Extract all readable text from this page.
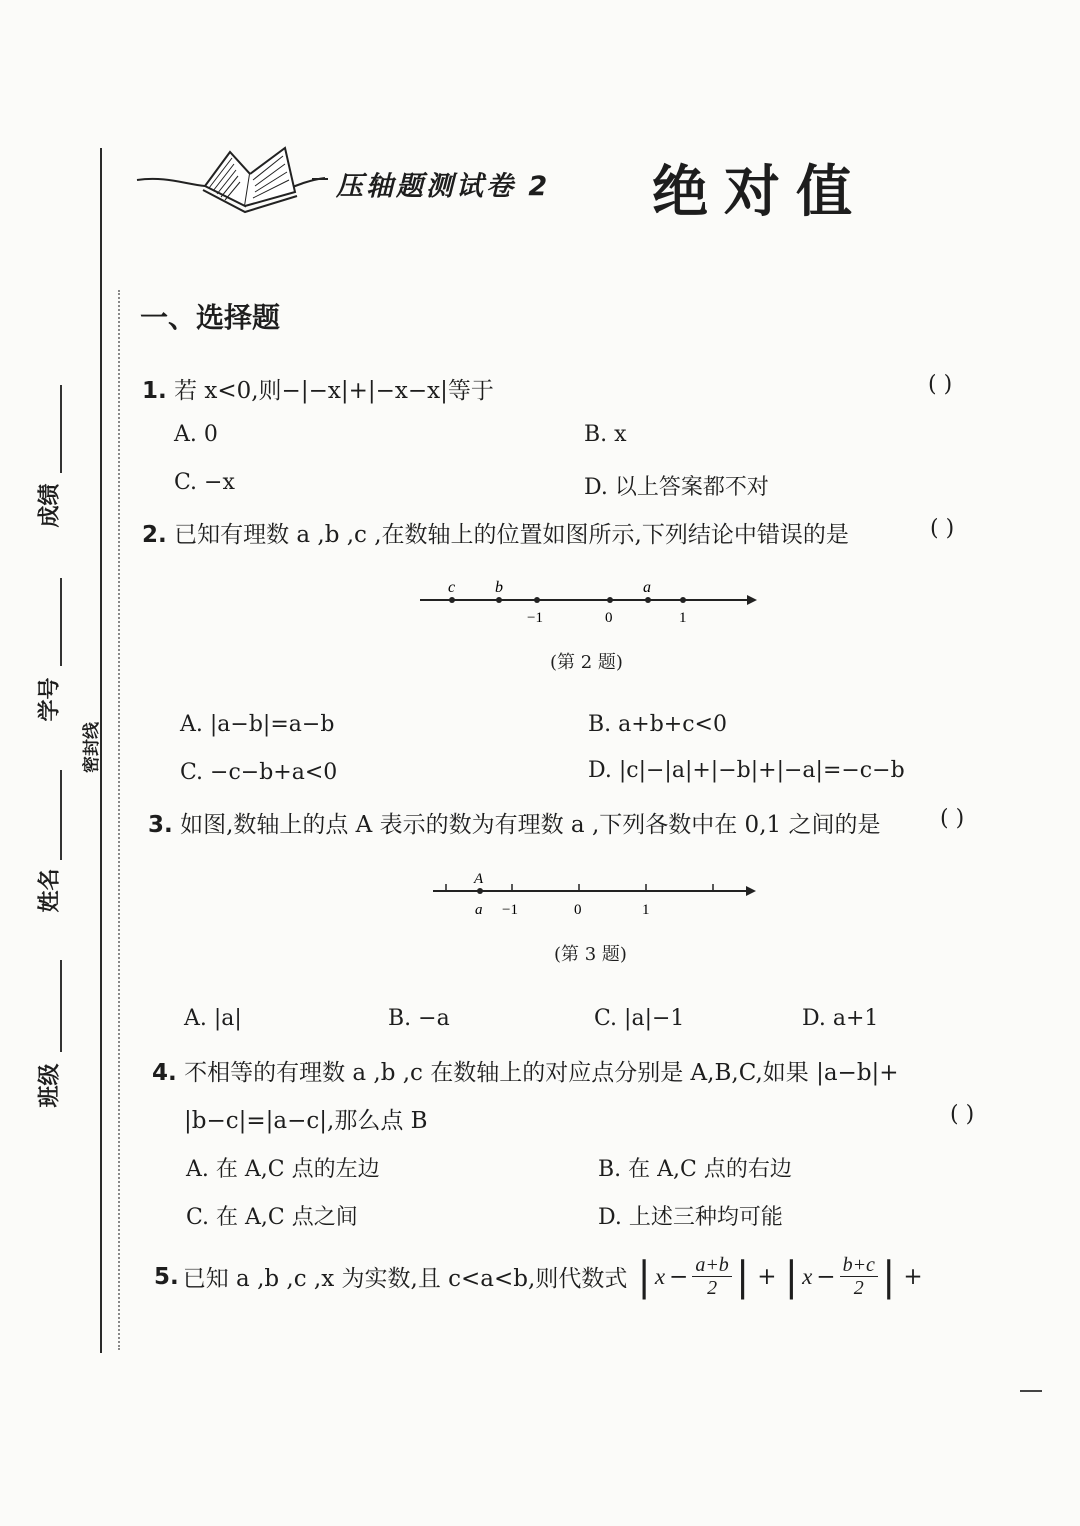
成绩
学号
密封线
姓名
班级
压轴题测试卷 2 绝对值
一、选择题
1. 若 x<0,则−|−x|+|−x−x|等于	( )
A. 0	B. x
C. −x	D. 以上答案都不对
2. 已知有理数 a ,b ,c ,在数轴上的位置如图所示,下列结论中错误的是	( )
c b	a
−1	0	1
(第 2 题)
A. |a−b|=a−b	B. a+b+c<0
C. −c−b+a<0	D. |c|−|a|+|−b|+|−a|=−c−b
3. 如图,数轴上的点 A 表示的数为有理数 a ,下列各数中在 0,1 之间的是	( )
A
a −1	0	1
(第 3 题)
A. |a|	B. −a	C. |a|−1	D. a+1
4. 不相等的有理数 a ,b ,c 在数轴上的对应点分别是 A,B,C,如果 |a−b|+
|b−c|=|a−c|,那么点 B	( )
A. 在 A,C 点的左边	B. 在 A,C 点的右边
C. 在 A,C 点之间	D. 上述三种均可能
5. 已知 a ,b ,c ,x 为实数,且 c<a<b,则代数式 | $x - \frac{a+b}{2}$ | + | $x - \frac{b+c}{2}$ | +
